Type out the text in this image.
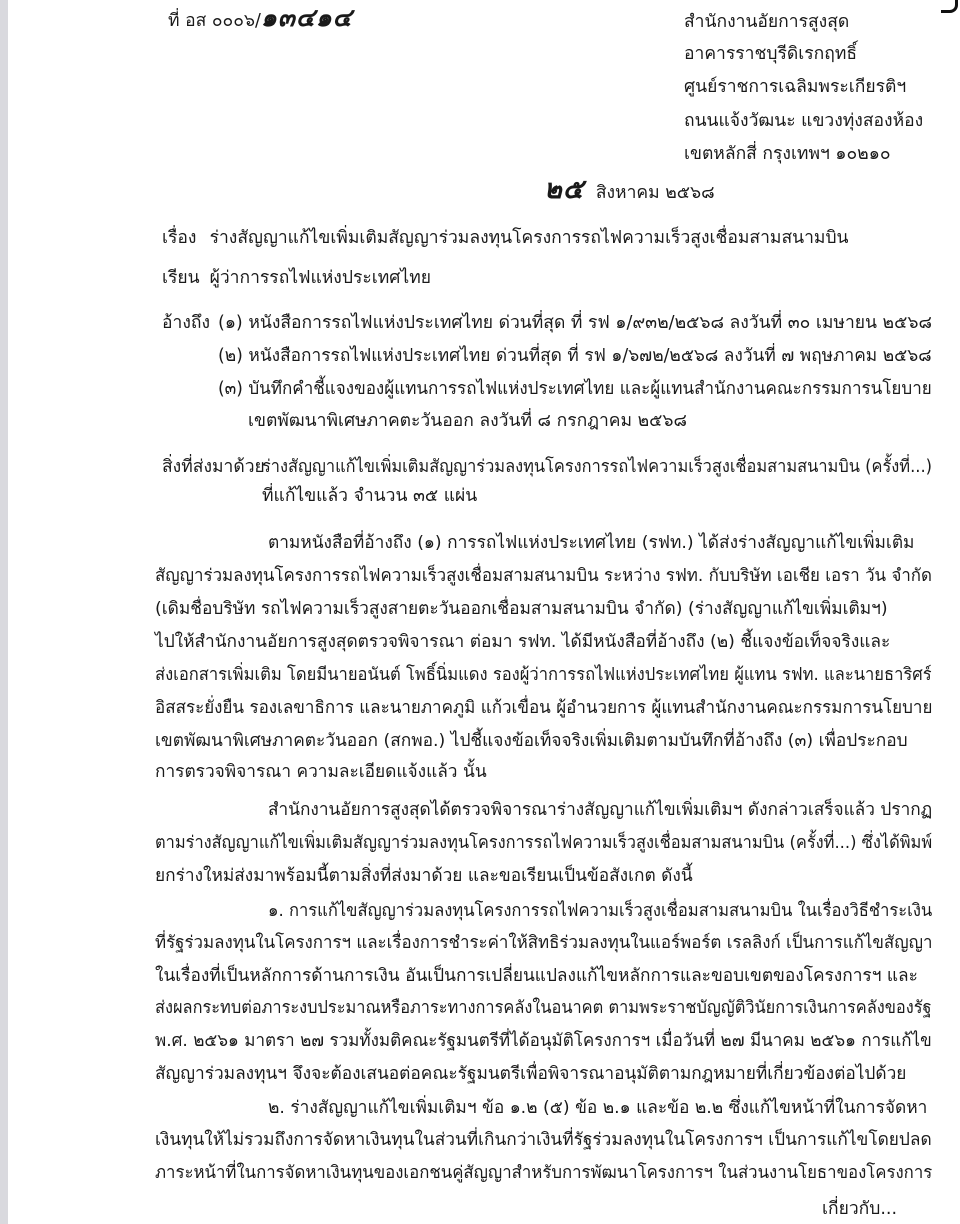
ที่ อส ๐๐๐๖/๑๓๔๑๔	สำนักงานอัยการสูงสุด
อาคารราชบุรีดิเรกฤทธิ์
ศูนย์ราชการเฉลิมพระเกียรติฯ
ถนนแจ้งวัฒนะ แขวงทุ่งสองห้อง
เขตหลักสี่ กรุงเทพฯ ๑๐๒๑๐
๒๕ สิงหาคม ๒๕๖๘
เรื่อง ร่างสัญญาแก้ไขเพิ่มเติมสัญญาร่วมลงทุนโครงการรถไฟความเร็วสูงเชื่อมสามสนามบิน
เรียน ผู้ว่าการรถไฟแห่งประเทศไทย
อ้างถึง (๑) หนังสือการรถไฟแห่งประเทศไทย ด่วนที่สุด ที่ รฟ ๑/๙๓๒/๒๕๖๘ ลงวันที่ ๓๐ เมษายน ๒๕๖๘
(๒) หนังสือการรถไฟแห่งประเทศไทย ด่วนที่สุด ที่ รฟ ๑/๖๗๒/๒๕๖๘ ลงวันที่ ๗ พฤษภาคม ๒๕๖๘
(๓) บันทึกคำชี้แจงของผู้แทนการรถไฟแห่งประเทศไทย และผู้แทนสำนักงานคณะกรรมการนโยบาย
เขตพัฒนาพิเศษภาคตะวันออก ลงวันที่ ๘ กรกฎาคม ๒๕๖๘
สิ่งที่ส่งมาด้วย
ร่างสัญญาแก้ไขเพิ่มเติมสัญญาร่วมลงทุนโครงการรถไฟความเร็วสูงเชื่อมสามสนามบิน (ครั้งที่...)
ที่แก้ไขแล้ว จำนวน ๓๕ แผ่น
ตามหนังสือที่อ้างถึง (๑) การรถไฟแห่งประเทศไทย (รฟท.) ได้ส่งร่างสัญญาแก้ไขเพิ่มเติม
สัญญาร่วมลงทุนโครงการรถไฟความเร็วสูงเชื่อมสามสนามบิน ระหว่าง รฟท. กับบริษัท เอเชีย เอรา วัน จำกัด
(เดิมชื่อบริษัท รถไฟความเร็วสูงสายตะวันออกเชื่อมสามสนามบิน จำกัด) (ร่างสัญญาแก้ไขเพิ่มเติมฯ)
ไปให้สำนักงานอัยการสูงสุดตรวจพิจารณา ต่อมา รฟท. ได้มีหนังสือที่อ้างถึง (๒) ชี้แจงข้อเท็จจริงและ
ส่งเอกสารเพิ่มเติม โดยมีนายอนันต์ โพธิ์นิ่มแดง รองผู้ว่าการรถไฟแห่งประเทศไทย ผู้แทน รฟท. และนายธาริศร์
อิสสระยั่งยืน รองเลขาธิการ และนายภาคภูมิ แก้วเขื่อน ผู้อำนวยการ ผู้แทนสำนักงานคณะกรรมการนโยบาย
เขตพัฒนาพิเศษภาคตะวันออก (สกพอ.) ไปชี้แจงข้อเท็จจริงเพิ่มเติมตามบันทึกที่อ้างถึง (๓) เพื่อประกอบ
การตรวจพิจารณา ความละเอียดแจ้งแล้ว นั้น
สำนักงานอัยการสูงสุดได้ตรวจพิจารณาร่างสัญญาแก้ไขเพิ่มเติมฯ ดังกล่าวเสร็จแล้ว ปรากฏ
ตามร่างสัญญาแก้ไขเพิ่มเติมสัญญาร่วมลงทุนโครงการรถไฟความเร็วสูงเชื่อมสามสนามบิน (ครั้งที่...) ซึ่งได้พิมพ์
ยกร่างใหม่ส่งมาพร้อมนี้ตามสิ่งที่ส่งมาด้วย และขอเรียนเป็นข้อสังเกต ดังนี้
๑. การแก้ไขสัญญาร่วมลงทุนโครงการรถไฟความเร็วสูงเชื่อมสามสนามบิน ในเรื่องวิธีชำระเงิน
ที่รัฐร่วมลงทุนในโครงการฯ และเรื่องการชำระค่าให้สิทธิร่วมลงทุนในแอร์พอร์ต เรลลิงก์ เป็นการแก้ไขสัญญา
ในเรื่องที่เป็นหลักการด้านการเงิน อันเป็นการเปลี่ยนแปลงแก้ไขหลักการและขอบเขตของโครงการฯ และ
ส่งผลกระทบต่อภาระงบประมาณหรือภาระทางการคลังในอนาคต ตามพระราชบัญญัติวินัยการเงินการคลังของรัฐ
พ.ศ. ๒๕๖๑ มาตรา ๒๗ รวมทั้งมติคณะรัฐมนตรีที่ได้อนุมัติโครงการฯ เมื่อวันที่ ๒๗ มีนาคม ๒๕๖๑ การแก้ไข
สัญญาร่วมลงทุนฯ จึงจะต้องเสนอต่อคณะรัฐมนตรีเพื่อพิจารณาอนุมัติตามกฎหมายที่เกี่ยวข้องต่อไปด้วย
๒. ร่างสัญญาแก้ไขเพิ่มเติมฯ ข้อ ๑.๒ (๕) ข้อ ๒.๑ และข้อ ๒.๒ ซึ่งแก้ไขหน้าที่ในการจัดหา
เงินทุนให้ไม่รวมถึงการจัดหาเงินทุนในส่วนที่เกินกว่าเงินที่รัฐร่วมลงทุนในโครงการฯ เป็นการแก้ไขโดยปลด
ภาระหน้าที่ในการจัดหาเงินทุนของเอกชนคู่สัญญาสำหรับการพัฒนาโครงการฯ ในส่วนงานโยธาของโครงการ
เกี่ยวกับ...
